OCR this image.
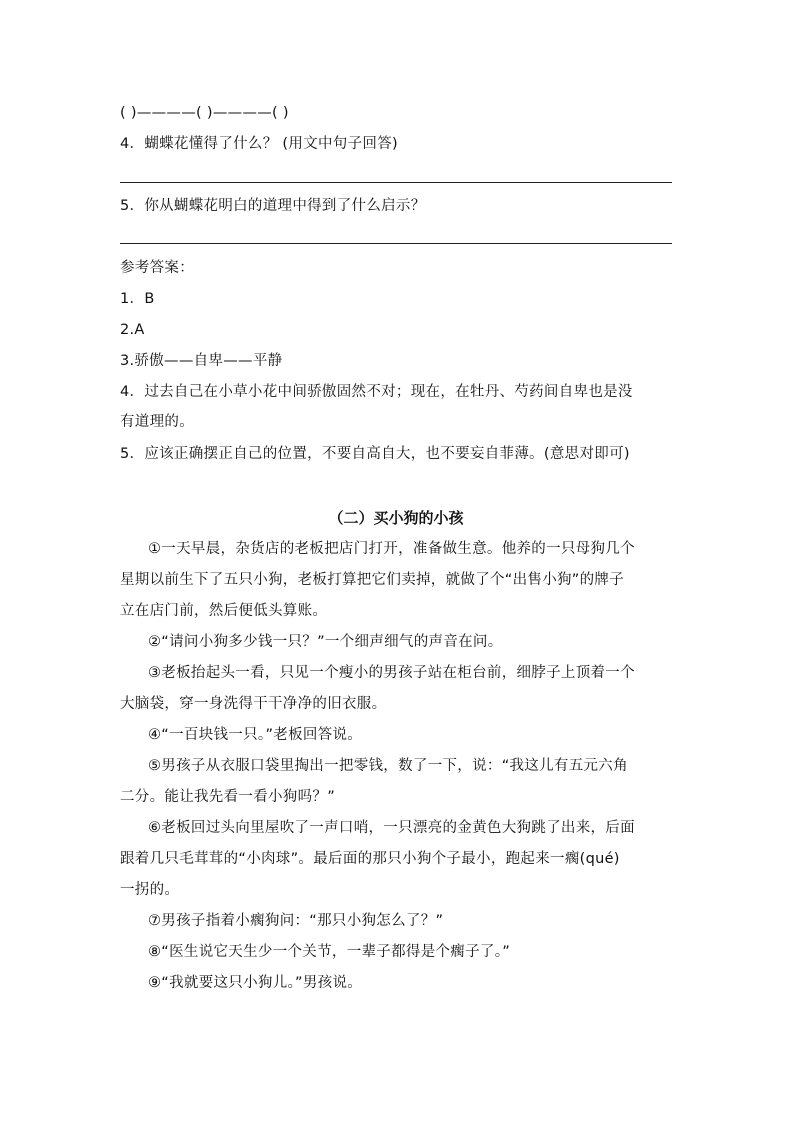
( )————( )————( )
4．蝴蝶花懂得了什么？ (用文中句子回答)
5．你从蝴蝶花明白的道理中得到了什么启示？
参考答案：
1．B
2.A
3.骄傲——自卑——平静
4．过去自己在小草小花中间骄傲固然不对；现在，在牡丹、芍药间自卑也是没
有道理的。
5．应该正确摆正自己的位置，不要自高自大，也不要妄自菲薄。(意思对即可)
（二）买小狗的小孩
①一天早晨，杂货店的老板把店门打开，准备做生意。他养的一只母狗几个
星期以前生下了五只小狗，老板打算把它们卖掉，就做了个“出售小狗”的牌子
立在店门前，然后便低头算账。
②“请问小狗多少钱一只？”一个细声细气的声音在问。
③老板抬起头一看，只见一个瘦小的男孩子站在柜台前，细脖子上顶着一个
大脑袋，穿一身洗得干干净净的旧衣服。
④“一百块钱一只。”老板回答说。
⑤男孩子从衣服口袋里掏出一把零钱，数了一下，说：“我这儿有五元六角
二分。能让我先看一看小狗吗？”
⑥老板回过头向里屋吹了一声口哨，一只漂亮的金黄色大狗跳了出来，后面
跟着几只毛茸茸的“小肉球”。最后面的那只小狗个子最小，跑起来一瘸(qué)
一拐的。
⑦男孩子指着小瘸狗问：“那只小狗怎么了？”
⑧“医生说它天生少一个关节，一辈子都得是个瘸子了。”
⑨“我就要这只小狗儿。”男孩说。
